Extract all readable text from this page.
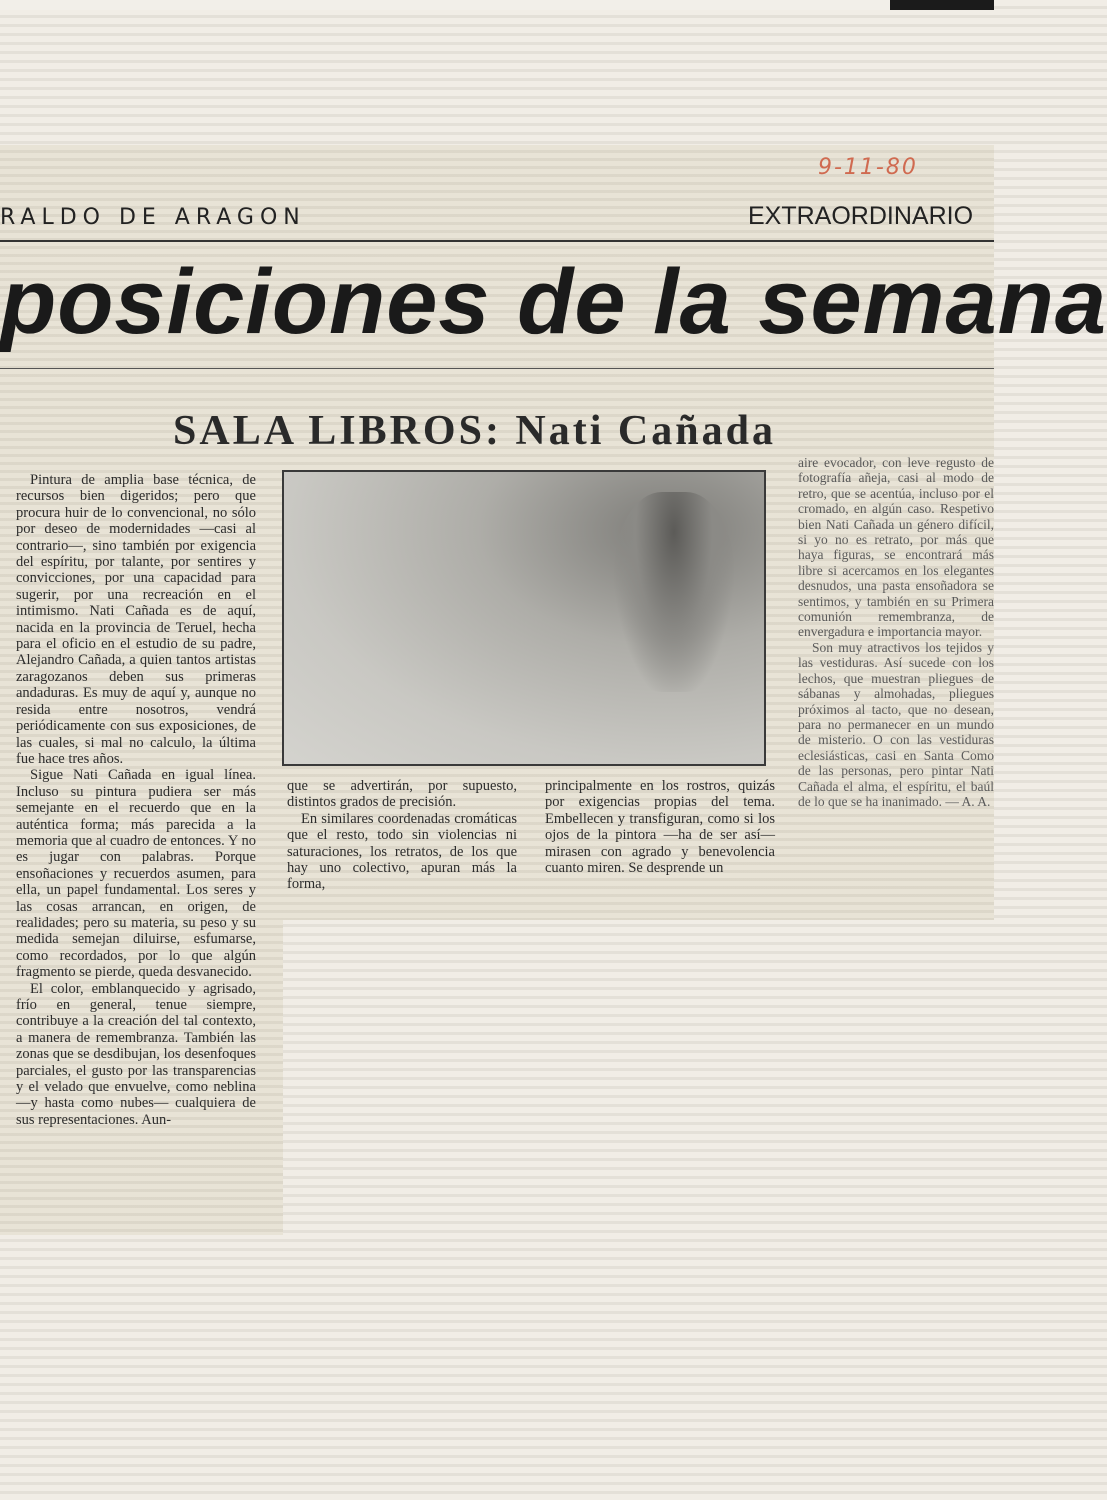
9-11-80
RALDO DE ARAGON	EXTRAORDINARIO
posiciones de la semana
SALA LIBROS: Nati Cañada

Pintura de amplia base técnica, de recursos bien digeridos; pero que procura huir de lo convencional, no sólo por deseo de modernidades —casi al contrario—, sino también por exigencia del espíritu, por talante, por sentires y convicciones, por una capacidad para sugerir, por una recreación en el intimismo. Nati Cañada es de aquí, nacida en la provincia de Teruel, hecha para el oficio en el estudio de su padre, Alejandro Cañada, a quien tantos artistas zaragozanos deben sus primeras andaduras. Es muy de aquí y, aunque no resida entre nosotros, vendrá periódicamente con sus exposiciones, de las cuales, si mal no calculo, la última fue hace tres años.

Sigue Nati Cañada en igual línea. Incluso su pintura pudiera ser más semejante en el recuerdo que en la auténtica forma; más parecida a la memoria que al cuadro de entonces. Y no es jugar con palabras. Porque ensoñaciones y recuerdos asumen, para ella, un papel fundamental. Los seres y las cosas arrancan, en origen, de realidades; pero su materia, su peso y su medida semejan diluirse, esfumarse, como recordados, por lo que algún fragmento se pierde, queda desvanecido.

El color, emblanquecido y agrisado, frío en general, tenue siempre, contribuye a la creación del tal contexto, a manera de remembranza. También las zonas que se desdibujan, los desenfoques parciales, el gusto por las transparencias y el velado que envuelve, como neblina —y hasta como nubes— cualquiera de sus representaciones. Aun-

que se advertirán, por supuesto, distintos grados de precisión.

En similares coordenadas cromáticas que el resto, todo sin violencias ni saturaciones, los retratos, de los que hay uno colectivo, apuran más la forma,

principalmente en los rostros, quizás por exigencias propias del tema. Embellecen y transfiguran, como si los ojos de la pintora —ha de ser así— mirasen con agrado y benevolencia cuanto miren. Se desprende un

aire evocador, con leve regusto de fotografía añeja, casi al modo de retro, que se acentúa, incluso por el cromado, en algún caso. Respetivo bien Nati Cañada un género difícil, si yo no es retrato, por más que haya figuras, se encontrará más libre si acercamos en los elegantes desnudos, una pasta ensoñadora se sentimos, y también en su Primera comunión remembranza, de envergadura e importancia mayor.

Son muy atractivos los tejidos y las vestiduras. Así sucede con los lechos, que muestran pliegues de sábanas y almohadas, pliegues próximos al tacto, que no desean, para no permanecer en un mundo de misterio. O con las vestiduras eclesiásticas, casi en Santa Como de las personas, pero pintar Nati Cañada el alma, el espíritu, el baúl de lo que se ha inanimado. — A. A.
